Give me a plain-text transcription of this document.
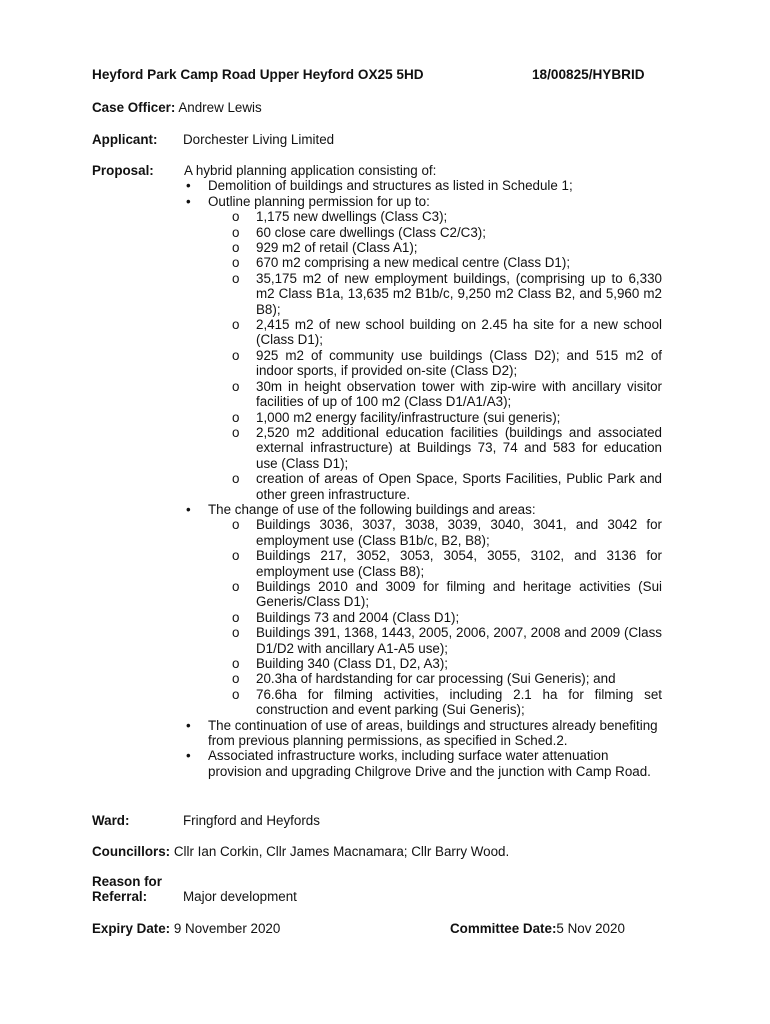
Heyford Park Camp Road Upper Heyford OX25 5HD	18/00825/HYBRID
Case Officer: Andrew Lewis
Applicant: Dorchester Living Limited
Proposal: A hybrid planning application consisting of:
• Demolition of buildings and structures as listed in Schedule 1;
• Outline planning permission for up to:
o 1,175 new dwellings (Class C3);
o 60 close care dwellings (Class C2/C3);
o 929 m2 of retail (Class A1);
o 670 m2 comprising a new medical centre (Class D1);
o 35,175 m2 of new employment buildings, (comprising up to 6,330 m2 Class B1a, 13,635 m2 B1b/c, 9,250 m2 Class B2, and 5,960 m2 B8);
o 2,415 m2 of new school building on 2.45 ha site for a new school (Class D1);
o 925 m2 of community use buildings (Class D2); and 515 m2 of indoor sports, if provided on-site (Class D2);
o 30m in height observation tower with zip-wire with ancillary visitor facilities of up of 100 m2 (Class D1/A1/A3);
o 1,000 m2 energy facility/infrastructure (sui generis);
o 2,520 m2 additional education facilities (buildings and associated external infrastructure) at Buildings 73, 74 and 583 for education use (Class D1);
o creation of areas of Open Space, Sports Facilities, Public Park and other green infrastructure.
• The change of use of the following buildings and areas:
o Buildings 3036, 3037, 3038, 3039, 3040, 3041, and 3042 for employment use (Class B1b/c, B2, B8);
o Buildings 217, 3052, 3053, 3054, 3055, 3102, and 3136 for employment use (Class B8);
o Buildings 2010 and 3009 for filming and heritage activities (Sui Generis/Class D1);
o Buildings 73 and 2004 (Class D1);
o Buildings 391, 1368, 1443, 2005, 2006, 2007, 2008 and 2009 (Class D1/D2 with ancillary A1-A5 use);
o Building 340 (Class D1, D2, A3);
o 20.3ha of hardstanding for car processing (Sui Generis); and
o 76.6ha for filming activities, including 2.1 ha for filming set construction and event parking (Sui Generis);
• The continuation of use of areas, buildings and structures already benefiting from previous planning permissions, as specified in Sched.2.
• Associated infrastructure works, including surface water attenuation provision and upgrading Chilgrove Drive and the junction with Camp Road.
Ward:	Fringford and Heyfords
Councillors: Cllr Ian Corkin, Cllr James Macnamara; Cllr Barry Wood.
Reason for
Referral:	Major development
Expiry Date: 9 November 2020	Committee Date:5 Nov 2020
